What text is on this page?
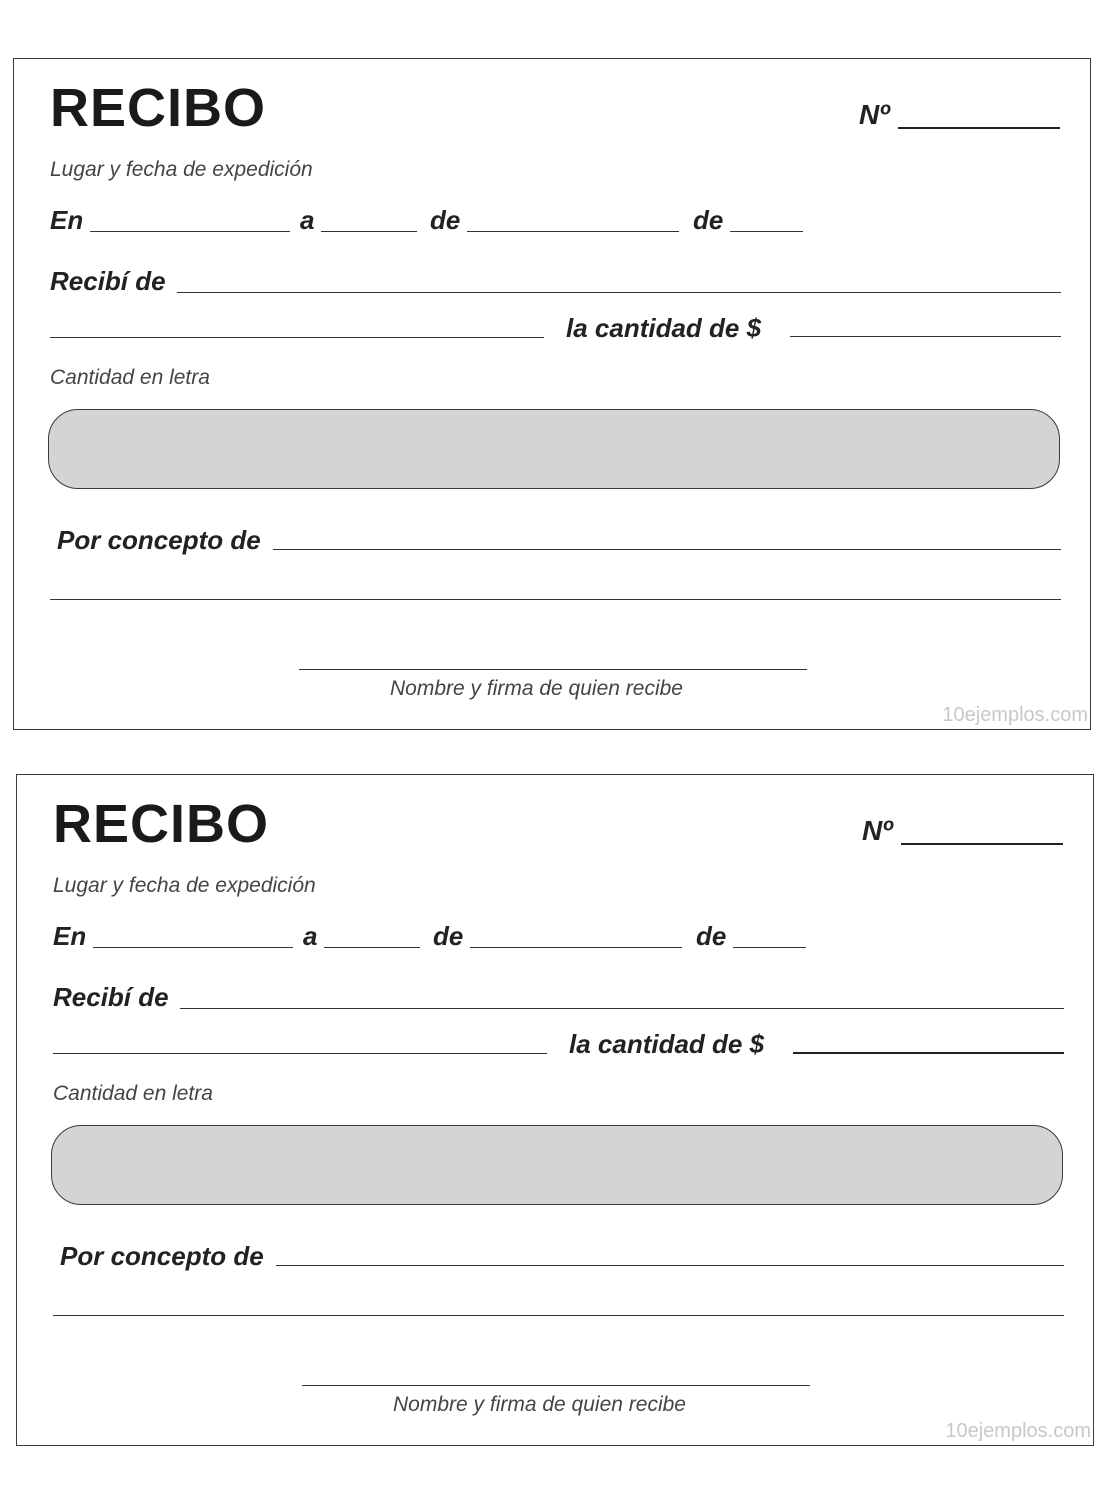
RECIBO	Nº
Lugar y fecha de expedición
En	a	de	de
Recibí de
la cantidad de $
Cantidad en letra
Por concepto de
Nombre y firma de quien recibe
10ejemplos.com
RECIBO	Nº
Lugar y fecha de expedición
En	a	de	de
Recibí de
la cantidad de $
Cantidad en letra
Por concepto de
Nombre y firma de quien recibe
10ejemplos.com
